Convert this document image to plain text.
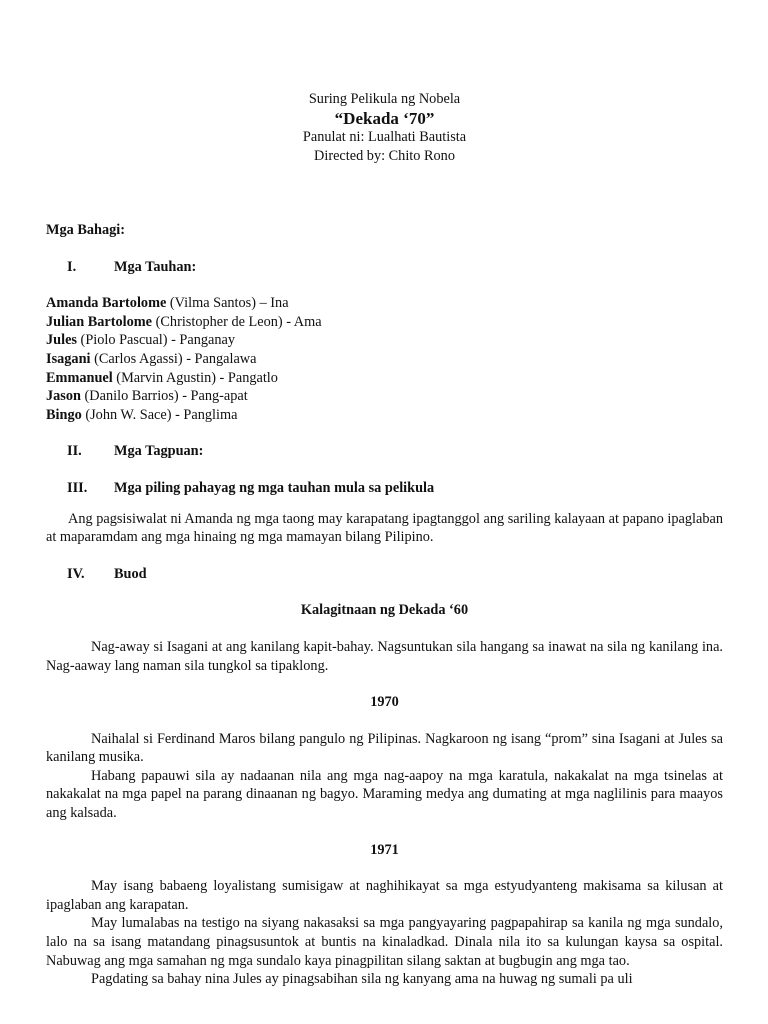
Suring Pelikula ng Nobela
“Dekada ‘70”
Panulat ni: Lualhati Bautista
Directed by: Chito Rono
Mga Bahagi:
I.	Mga Tauhan:
Amanda Bartolome (Vilma Santos) – Ina
Julian Bartolome (Christopher de Leon) - Ama
Jules (Piolo Pascual) - Panganay
Isagani (Carlos Agassi) - Pangalawa
Emmanuel (Marvin Agustin) - Pangatlo
Jason (Danilo Barrios) - Pang-apat
Bingo (John W. Sace) - Panglima
II.	Mga Tagpuan:
III.	Mga piling pahayag ng mga tauhan mula sa pelikula
Ang pagsisiwalat ni Amanda ng mga taong may karapatang ipagtanggol ang sariling kalayaan at papano ipaglaban at maparamdam ang mga hinaing ng mga mamayan bilang Pilipino.
IV.	Buod
Kalagitnaan ng Dekada ‘60
Nag-away si Isagani at ang kanilang kapit-bahay. Nagsuntukan sila hangang sa inawat na sila ng kanilang ina. Nag-aaway lang naman sila tungkol sa tipaklong.
1970
Naihalal si Ferdinand Maros bilang pangulo ng Pilipinas. Nagkaroon ng isang “prom” sina Isagani at Jules sa kanilang musika.
Habang papauwi sila ay nadaanan nila ang mga nag-aapoy na mga karatula, nakakalat na mga tsinelas at nakakalat na mga papel na parang dinaanan ng bagyo. Maraming medya ang dumating at mga naglilinis para maayos ang kalsada.
1971
May isang babaeng loyalistang sumisigaw at naghihikayat sa mga estyudyanteng makisama sa kilusan at ipaglaban ang karapatan.
May lumalabas na testigo na siyang nakasaksi sa mga pangyayaring pagpapahirap sa kanila ng mga sundalo, lalo na sa isang matandang pinagsusuntok at buntis na kinaladkad. Dinala nila ito sa kulungan kaysa sa ospital. Nabuwag ang mga samahan ng mga sundalo kaya pinagpilitan silang saktan at bugbugin ang mga tao.
Pagdating sa bahay nina Jules ay pinagsabihan sila ng kanyang ama na huwag ng sumali pa uli
